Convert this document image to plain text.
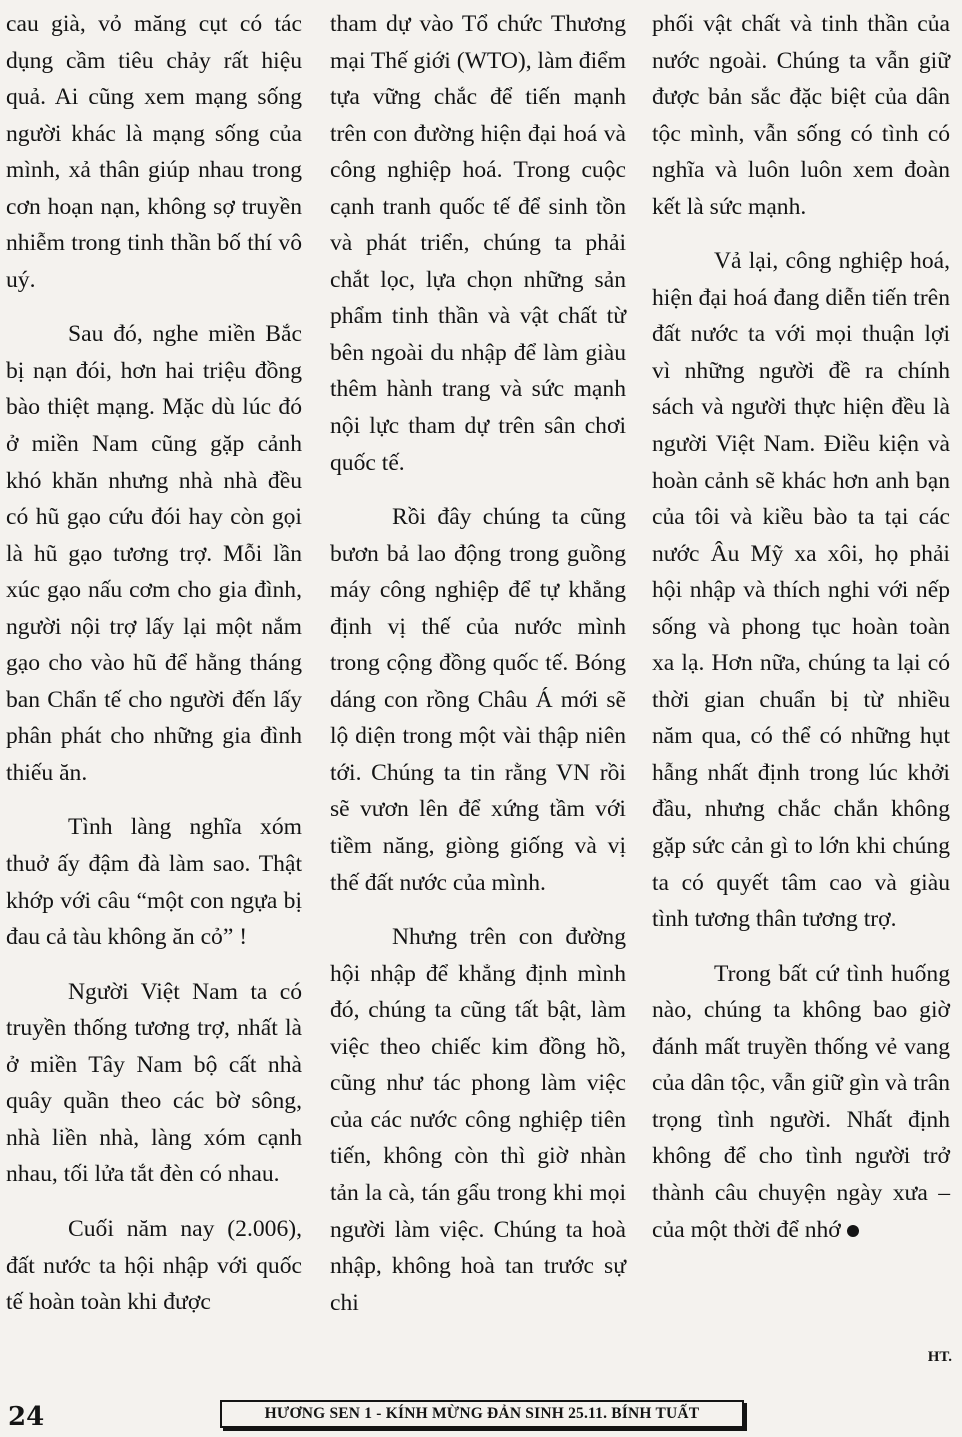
cau già, vỏ măng cụt có tác dụng cầm tiêu chảy rất hiệu quả. Ai cũng xem mạng sống người khác là mạng sống của mình, xả thân giúp nhau trong cơn hoạn nạn, không sợ truyền nhiễm trong tinh thần bố thí vô uý.

Sau đó, nghe miền Bắc bị nạn đói, hơn hai triệu đồng bào thiệt mạng. Mặc dù lúc đó ở miền Nam cũng gặp cảnh khó khăn nhưng nhà nhà đều có hũ gạo cứu đói hay còn gọi là hũ gạo tương trợ. Mỗi lần xúc gạo nấu cơm cho gia đình, người nội trợ lấy lại một nắm gạo cho vào hũ để hằng tháng ban Chẩn tế cho người đến lấy phân phát cho những gia đình thiếu ăn.

Tình làng nghĩa xóm thuở ấy đậm đà làm sao. Thật khớp với câu “một con ngựa bị đau cả tàu không ăn cỏ” !

Người Việt Nam ta có truyền thống tương trợ, nhất là ở miền Tây Nam bộ cất nhà quây quần theo các bờ sông, nhà liền nhà, làng xóm cạnh nhau, tối lửa tắt đèn có nhau.

Cuối năm nay (2.006), đất nước ta hội nhập với quốc tế hoàn toàn khi được

tham dự vào Tổ chức Thương mại Thế giới (WTO), làm điểm tựa vững chắc để tiến mạnh trên con đường hiện đại hoá và công nghiệp hoá. Trong cuộc cạnh tranh quốc tế để sinh tồn và phát triển, chúng ta phải chắt lọc, lựa chọn những sản phẩm tinh thần và vật chất từ bên ngoài du nhập để làm giàu thêm hành trang và sức mạnh nội lực tham dự trên sân chơi quốc tế.

Rồi đây chúng ta cũng bươn bả lao động trong guồng máy công nghiệp để tự khẳng định vị thế của nước mình trong cộng đồng quốc tế. Bóng dáng con rồng Châu Á mới sẽ lộ diện trong một vài thập niên tới. Chúng ta tin rằng VN rồi sẽ vươn lên để xứng tầm với tiềm năng, giòng giống và vị thế đất nước của mình.

Nhưng trên con đường hội nhập để khẳng định mình đó, chúng ta cũng tất bật, làm việc theo chiếc kim đồng hồ, cũng như tác phong làm việc của các nước công nghiệp tiên tiến, không còn thì giờ nhàn tản la cà, tán gẩu trong khi mọi người làm việc. Chúng ta hoà nhập, không hoà tan trước sự chi

phối vật chất và tinh thần của nước ngoài. Chúng ta vẫn giữ được bản sắc đặc biệt của dân tộc mình, vẫn sống có tình có nghĩa và luôn luôn xem đoàn kết là sức mạnh.

Vả lại, công nghiệp hoá, hiện đại hoá đang diễn tiến trên đất nước ta với mọi thuận lợi vì những người đề ra chính sách và người thực hiện đều là người Việt Nam. Điều kiện và hoàn cảnh sẽ khác hơn anh bạn của tôi và kiều bào ta tại các nước Âu Mỹ xa xôi, họ phải hội nhập và thích nghi với nếp sống và phong tục hoàn toàn xa lạ. Hơn nữa, chúng ta lại có thời gian chuẩn bị từ nhiều năm qua, có thể có những hụt hẫng nhất định trong lúc khởi đầu, nhưng chắc chắn không gặp sức cản gì to lớn khi chúng ta có quyết tâm cao và giàu tình tương thân tương trợ.

Trong bất cứ tình huống nào, chúng ta không bao giờ đánh mất truyền thống vẻ vang của dân tộc, vẫn giữ gìn và trân trọng tình người. Nhất định không để cho tình người trở thành câu chuyện ngày xưa – của một thời để nhớ

HT.
24	HƯƠNG SEN 1 - KÍNH MỪNG ĐẢN SINH 25.11. BÍNH TUẤT
